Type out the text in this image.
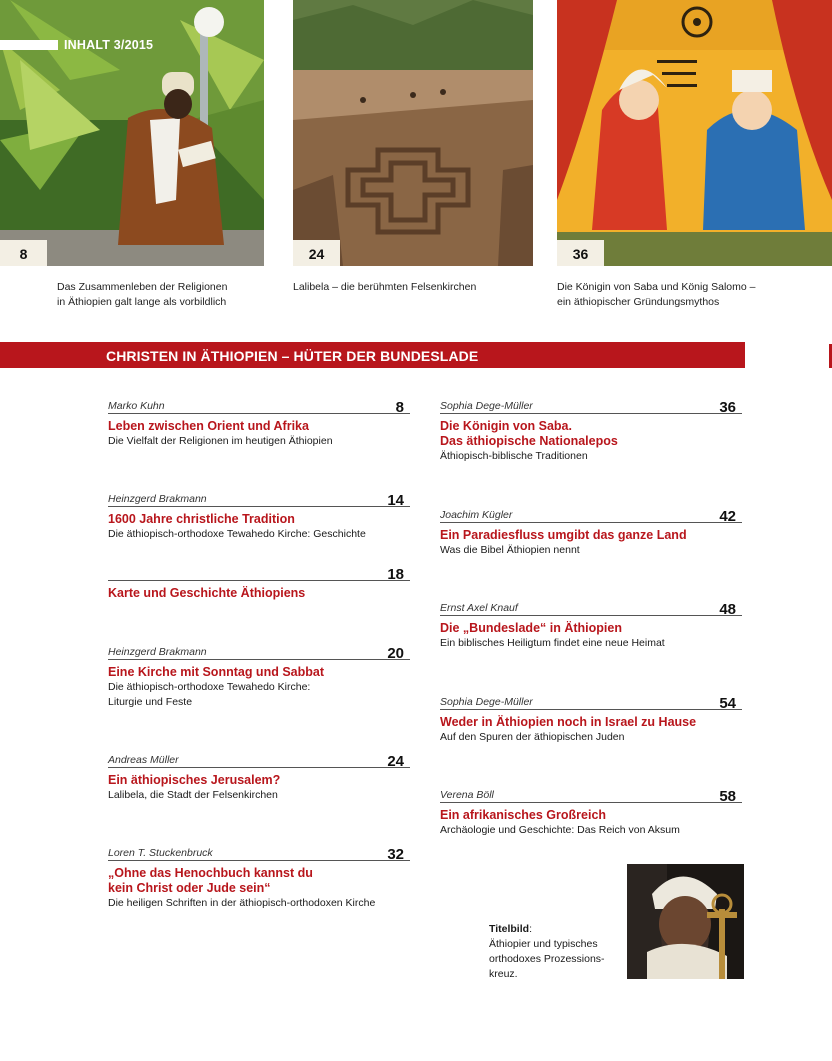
8
INHALT 3/2015
24	36
Das Zusammenleben der Religionen
in Äthiopien galt lange als vorbildlich
Lalibela – die berühmten Felsenkirchen	Die Königin von Saba und König Salomo –
ein äthiopischer Gründungsmythos
CHRISTEN IN ÄTHIOPIEN – HÜTER DER BUNDESLADE
Marko Kuhn	8
Leben zwischen Orient und Afrika
Die Vielfalt der Religionen im heutigen Äthiopien
Heinzgerd Brakmann	14
1600 Jahre christliche Tradition
Die äthiopisch-orthodoxe Tewahedo Kirche: Geschichte
18
Karte und Geschichte Äthiopiens
Heinzgerd Brakmann	20
Eine Kirche mit Sonntag und Sabbat
Die äthiopisch-orthodoxe Tewahedo Kirche:
Liturgie und Feste
Andreas Müller	24
Ein äthiopisches Jerusalem?
Lalibela, die Stadt der Felsenkirchen
Loren T. Stuckenbruck	32
„Ohne das Henochbuch kannst du
kein Christ oder Jude sein“
Die heiligen Schriften in der äthiopisch-orthodoxen Kirche
Sophia Dege-Müller	36
Die Königin von Saba.
Das äthiopische Nationalepos
Äthiopisch-biblische Traditionen
Joachim Kügler	42
Ein Paradiesfluss umgibt das ganze Land
Was die Bibel Äthiopien nennt
Ernst Axel Knauf	48
Die „Bundeslade“ in Äthiopien
Ein biblisches Heiligtum findet eine neue Heimat
Sophia Dege-Müller	54
Weder in Äthiopien noch in Israel zu Hause
Auf den Spuren der äthiopischen Juden
Verena Böll	58
Ein afrikanisches Großreich
Archäologie und Geschichte: Das Reich von Aksum
Titelbild:
Äthiopier und typisches
orthodoxes Prozessions-
kreuz.
